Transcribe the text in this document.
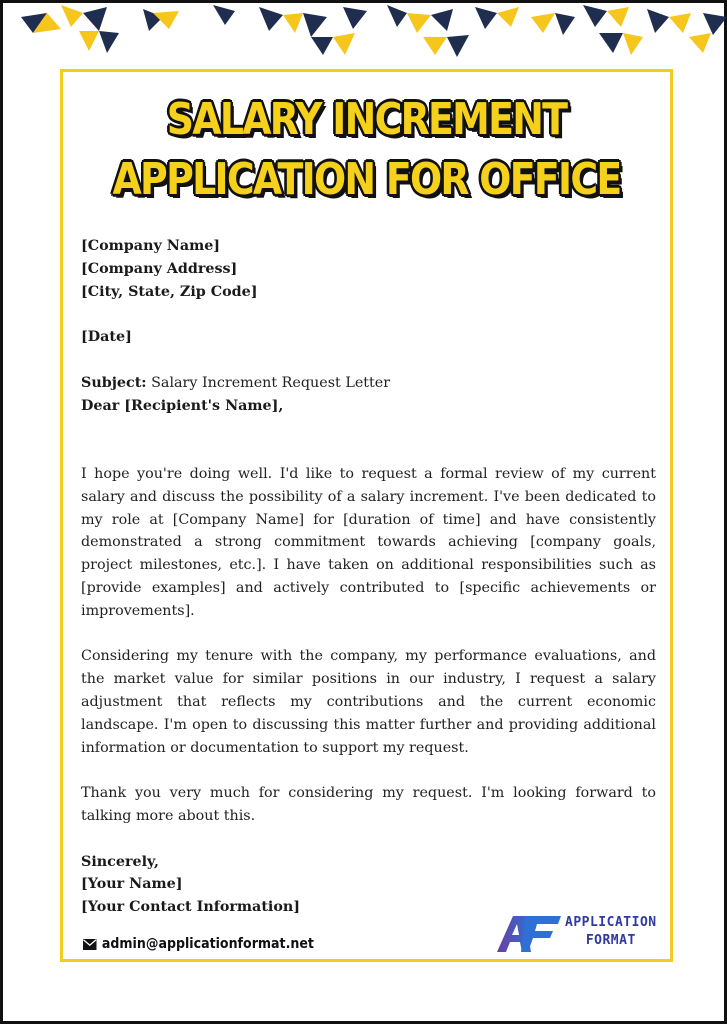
SALARY INCREMENT
APPLICATION FOR OFFICE

[Company Name]

[Company Address]

[City, State, Zip Code]

[Date]

Subject: Salary Increment Request Letter

Dear [Recipient's Name],

I hope you're doing well. I'd like to request a formal review of my current salary and discuss the possibility of a salary increment. I've been dedicated to my role at [Company Name] for [duration of time] and have consistently demonstrated a strong commitment towards achieving [company goals, project milestones, etc.]. I have taken on additional responsibilities such as [provide examples] and actively contributed to [specific achievements or improvements].

Considering my tenure with the company, my performance evaluations, and the market value for similar positions in our industry, I request a salary adjustment that reflects my contributions and the current economic landscape. I'm open to discussing this matter further and providing additional information or documentation to support my request.

Thank you very much for considering my request. I'm looking forward to talking more about this.

Sincerely,

[Your Name]

[Your Contact Information]

admin@applicationformat.net
APPLICATION
FORMAT
